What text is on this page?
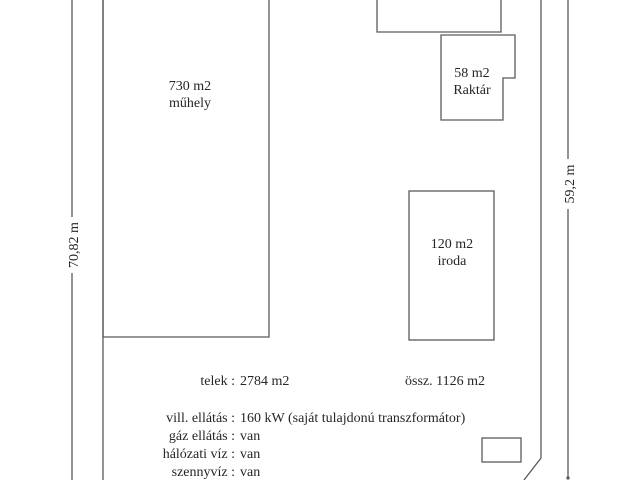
70,82 m
59,2 m
730 m2
műhely
58 m2
Raktár
120 m2
iroda
telek : 2784 m2	össz. 1126 m2
vill. ellátás : 160 kW (saját tulajdonú transzformátor)
gáz ellátás : van
hálózati víz : van
szennyvíz : van
